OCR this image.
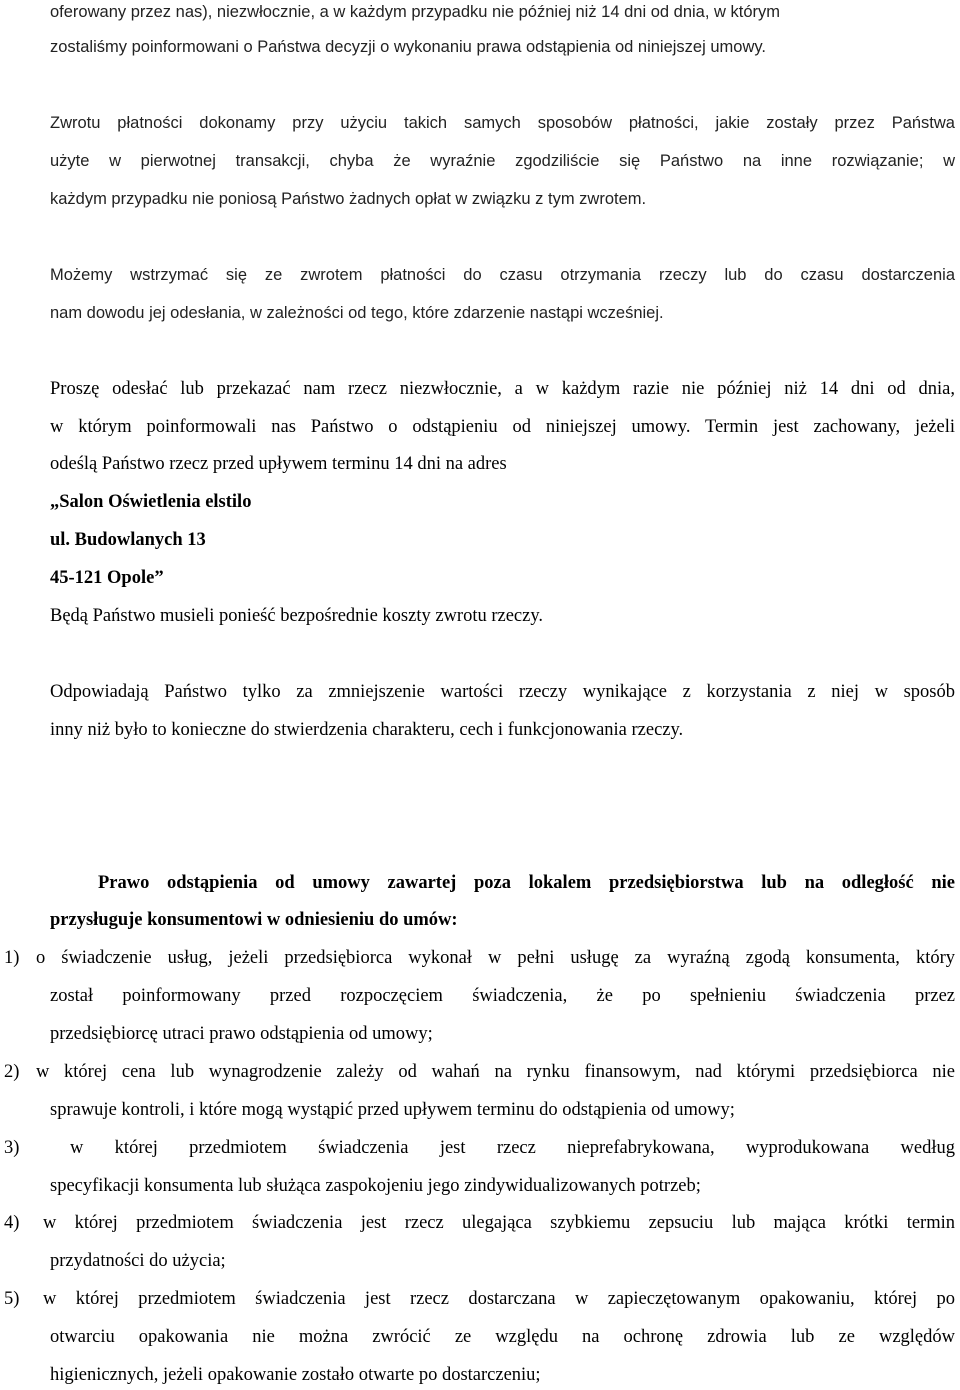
oferowany przez nas), niezwłocznie, a w każdym przypadku nie później niż 14 dni od dnia, w którym
zostaliśmy poinformowani o Państwa decyzji o wykonaniu prawa odstąpienia od niniejszej umowy.
Zwrotu płatności dokonamy przy użyciu takich samych sposobów płatności, jakie zostały przez Państwa
użyte w pierwotnej transakcji, chyba że wyraźnie zgodziliście się Państwo na inne rozwiązanie; w
każdym przypadku nie poniosą Państwo żadnych opłat w związku z tym zwrotem.
Możemy wstrzymać się ze zwrotem płatności do czasu otrzymania rzeczy lub do czasu dostarczenia
nam dowodu jej odesłania, w zależności od tego, które zdarzenie nastąpi wcześniej.
Proszę odesłać lub przekazać nam rzecz niezwłocznie, a w każdym razie nie później niż 14 dni od dnia,
w którym poinformowali nas Państwo o odstąpieniu od niniejszej umowy. Termin jest zachowany, jeżeli
odeślą Państwo rzecz przed upływem terminu 14 dni na adres
„Salon Oświetlenia elstilo
ul. Budowlanych 13
45-121 Opole”
Będą Państwo musieli ponieść bezpośrednie koszty zwrotu rzeczy.
Odpowiadają Państwo tylko za zmniejszenie wartości rzeczy wynikające z korzystania z niej w sposób
inny niż było to konieczne do stwierdzenia charakteru, cech i funkcjonowania rzeczy.
Prawo odstąpienia od umowy zawartej poza lokalem przedsiębiorstwa lub na odległość nie
przysługuje konsumentowi w odniesieniu do umów:
1) o świadczenie usług, jeżeli przedsiębiorca wykonał w pełni usługę za wyraźną zgodą konsumenta, który
został poinformowany przed rozpoczęciem świadczenia, że po spełnieniu świadczenia przez
przedsiębiorcę utraci prawo odstąpienia od umowy;
2) w której cena lub wynagrodzenie zależy od wahań na rynku finansowym, nad którymi przedsiębiorca nie
sprawuje kontroli, i które mogą wystąpić przed upływem terminu do odstąpienia od umowy;
3)	w której przedmiotem świadczenia jest rzecz nieprefabrykowana, wyprodukowana według
specyfikacji konsumenta lub służąca zaspokojeniu jego zindywidualizowanych potrzeb;
4) w której przedmiotem świadczenia jest rzecz ulegająca szybkiemu zepsuciu lub mająca krótki termin
przydatności do użycia;
5) w której przedmiotem świadczenia jest rzecz dostarczana w zapieczętowanym opakowaniu, której po
otwarciu opakowania nie można zwrócić ze względu na ochronę zdrowia lub ze względów
higienicznych, jeżeli opakowanie zostało otwarte po dostarczeniu;
